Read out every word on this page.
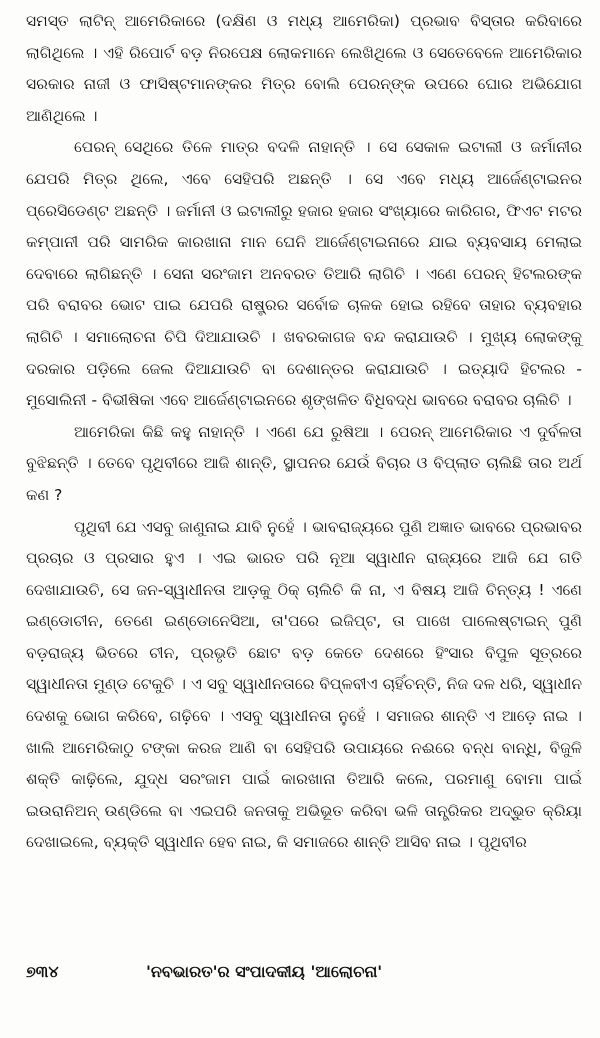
ସମସ୍ତ ଲାଟିନ୍ ଆମେରିକାରେ (ଦକ୍ଷିଣ ଓ ମଧ୍ୟ ଆମେରିକା) ପ୍ରଭାବ ବିସ୍ତାର କରିବାରେ ଲାଗିଥିଲେ । ଏହି ରିପୋର୍ଟ ବଡ଼ ନିରପେକ୍ଷ ଲୋକମାନେ ଲେଖିଥିଲେ ଓ ସେତେବେଳେ ଆମେରିକାର ସରକାର ନାଜୀ ଓ ଫାସିଷ୍ଟମାନଙ୍କର ମିତ୍ର ବୋଲି ପେରନ୍‌ଙ୍କ ଉପରେ ଘୋର ଅଭିଯୋଗ ଆଣିଥିଲେ ।

ପେରନ୍ ସେଥିରେ ତିଳେ ମାତ୍ର ବଦଳି ନାହାନ୍ତି । ସେ ସେକାଳ ଇଟାଲୀ ଓ ଜର୍ମାନୀର ଯେପରି ମିତ୍ର ଥିଲେ, ଏବେ ସେହିପରି ଅଛନ୍ତି । ସେ ଏବେ ମଧ୍ୟ ଆର୍ଜେଣ୍ଟାଇନର ପ୍ରେସିଡେଣ୍ଟ ଅଛନ୍ତି । ଜର୍ମାନୀ ଓ ଇଟାଲୀରୁ ହଜାର ହଜାର ସଂଖ୍ୟାରେ କାରିଗର, ଫିଏଟ ମଟର କମ୍ପାନୀ ପରି ସାମରିକ କାରଖାନା ମାନ ଘେନି ଆର୍ଜେଣ୍ଟାଇନାରେ ଯାଇ ବ୍ୟବସାୟ ମେଲାଇ ଦେବାରେ ଲାଗିଛନ୍ତି । ସେନା ସରଂଜାମ ଅନବରତ ତିଆରି ଲାଗିଚି । ଏଣେ ପେରନ୍ ହିଟଲରଙ୍କ ପରି ବରାବର ଭୋଟ ପାଇ ଯେପରି ରାଷ୍ଟ୍ରର ସର୍ବୋଚ୍ଚ ଚାଳକ ହୋଇ ରହିବେ ତାହାର ବ୍ୟବହାର ଲାଗିଚି । ସମାଲୋଚନା ଚିପି ଦିଆଯାଉଚି । ଖବରକାଗଜ ବନ୍ଦ କରାଯାଉଚି । ମୁଖ୍ୟ ଲୋକଙ୍କୁ ଦରକାର ପଡ଼ିଲେ ଜେଲ ଦିଆଯାଉଚି ବା ଦେଶାନ୍ତର କରାଯାଉଚି । ଇତ୍ୟାଦି ହିଟଲର - ମୁସୋଲିନୀ - ବିଭୀଷିକା ଏବେ ଆର୍ଜେଣ୍ଟାଇନରେ ଶୃଙ୍ଖଳିତ ବିଧିବଦ୍ଧ ଭାବରେ ବରାବର ଚାଲିଚି ।

ଆମେରିକା କିଛି କହୁ ନାହାନ୍ତି । ଏଣେ ଯେ ରୁଷିଆ । ପେରନ୍ ଆମେରିକାର ଏ ଦୁର୍ବଳତା ବୁଝିଛନ୍ତି । ତେବେ ପୃଥିବୀରେ ଆଜି ଶାନ୍ତି, ସ୍ଥାପନର ଯେଉଁ ବିଚାର ଓ ବିପ୍ଲାତ ଚାଲିଛି ତାର ଅର୍ଥ କଣ ?

ପୃଥିବୀ ଯେ ଏସବୁ ଜାଣୁନାଇ ଯାବି ନୁହେଁ । ଭାବରାଜ୍ୟରେ ପୁଣି ଅଜ୍ଞାତ ଭାବରେ ପ୍ରଭାବର ପ୍ରଚାର ଓ ପ୍ରସାର ହୁଏ । ଏଇ ଭାରତ ପରି ନୂଆ ସ୍ୱାଧୀନ ରାଜ୍ୟରେ ଆଜି ଯେ ଗତି ଦେଖାଯାଉଚି, ସେ ଜନ-ସ୍ୱାଧୀନତା ଆଡ଼କୁ ଠିକ୍ ଚାଲିଚି କି ନା, ଏ ବିଷୟ ଆଜି ଚିନ୍ତ୍ୟ ! ଏଣେ ଇଣ୍ଡୋଚୀନ, ତେଣେ ଇଣ୍ଡୋନେସିଆ, ତା'ପରେ ଇଜିପ୍ଟ, ତା ପାଖେ ପାଲେଷ୍ଟାଇନ୍ ପୁଣି ବଡ଼ରାଜ୍ୟ ଭିତରେ ଚୀନ, ପ୍ରଭୃତି ଛୋଟ ବଡ଼ କେତେ ଦେଶରେ ହିଂସାର ବିପୁଳ ସୂତ୍ରରେ ସ୍ୱାଧୀନତା ମୁଣ୍ଡ ଟେକୁଚି । ଏ ସବୁ ସ୍ୱାଧୀନତାରେ ବିପ୍ଳବୀଏ ଚାହିଁଚନ୍ତି, ନିଜ ଦଳ ଧରି, ସ୍ୱାଧୀନ ଦେଶକୁ ଭୋଗ କରିବେ, ଗଢ଼ିବେ । ଏସବୁ ସ୍ୱାଧୀନତା ନୁହେଁ । ସମାଜର ଶାନ୍ତି ଏ ଆଡ଼େ ନାଇ । ଖାଲି ଆମେରିକାଠୁ ଟଙ୍କା କରଜ ଆଣି ବା ସେହିପରି ଉପାୟରେ ନଈରେ ବନ୍ଧ ବାନ୍ଧି, ବିଜୁଳି ଶକ୍ତି କାଢ଼ିଲେ, ଯୁଦ୍ଧ ସରଂଜାମ ପାଇଁ କାରଖାନା ତିଆରି କଲେ, ପରମାଣୁ ବୋମା ପାଇଁ ଇଉରାନିଅନ୍ ଉଣ୍ଡିଲେ ବା ଏଇପରି ଜନତାକୁ ଅଭିଭୂତ କରିବା ଭଳି ତାନ୍ତ୍ରିକର ଅଦ୍ଭୁତ କ୍ରିୟା ଦେଖାଇଲେ, ବ୍ୟକ୍ତି ସ୍ୱାଧୀନ ହେବ ନାଇ, କି ସମାଜରେ ଶାନ୍ତି ଆସିବ ନାଇ । ପୃଥିବୀର

୭୩୪	'ନବଭାରତ'ର ସଂପାଦକୀୟ 'ଆଲୋଚନା'
